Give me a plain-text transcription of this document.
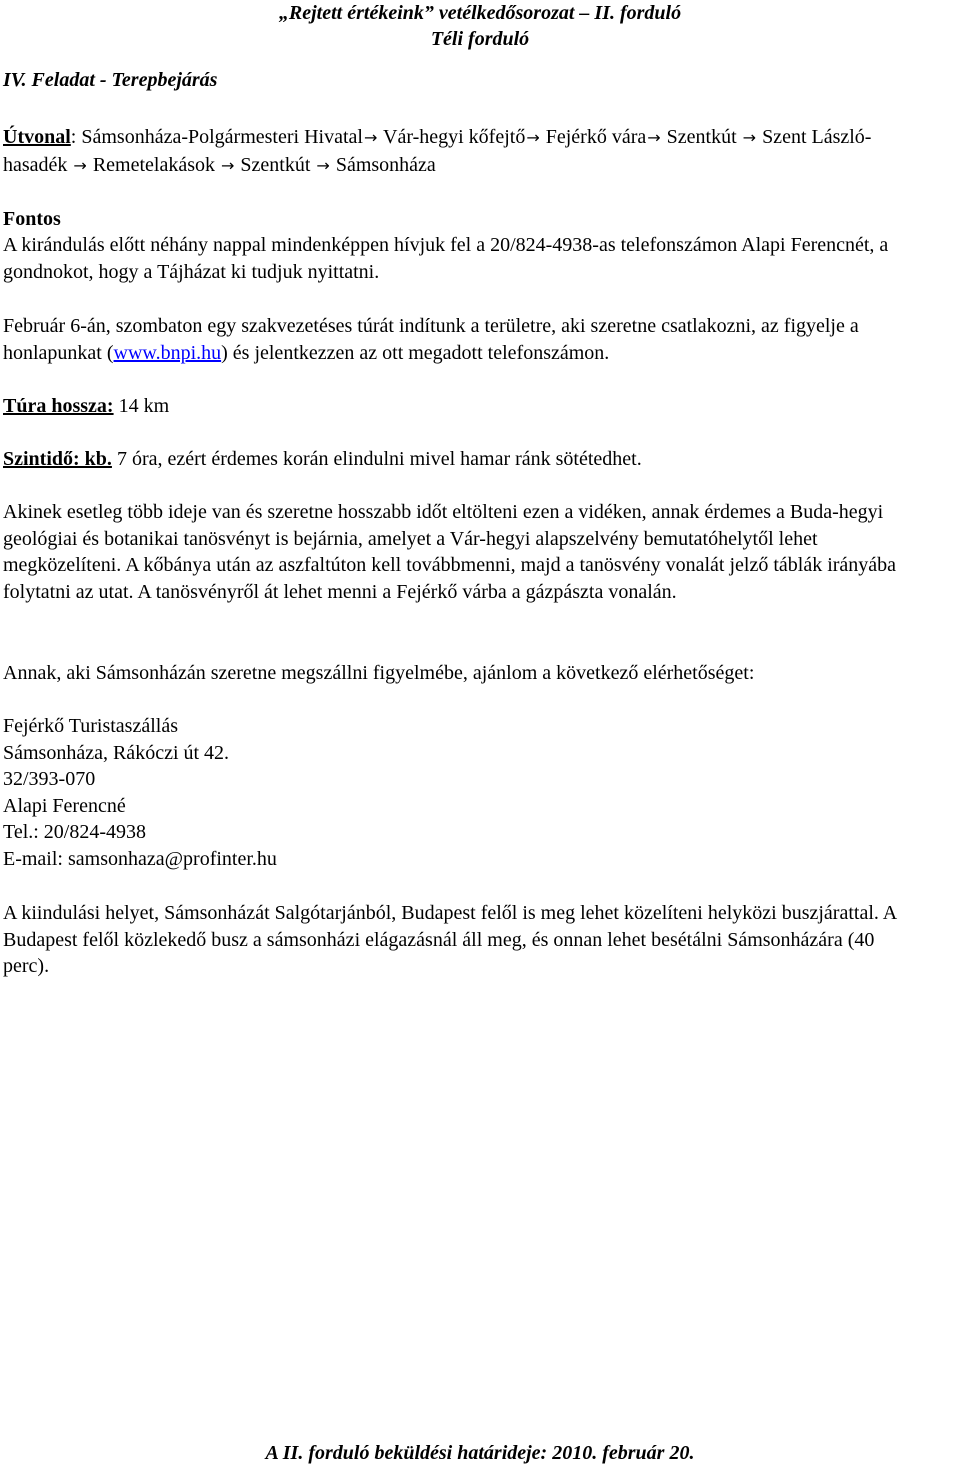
„Rejtett értékeink” vetélkedősorozat – II. forduló

Téli forduló

IV. Feladat - Terepbejárás

Útvonal: Sámsonháza-Polgármesteri Hivatal→ Vár-hegyi kőfejtő→ Fejérkő vára→ Szentkút → Szent László-hasadék → Remetelakások → Szentkút → Sámsonháza

Fontos

A kirándulás előtt néhány nappal mindenképpen hívjuk fel a 20/824-4938-as telefonszámon Alapi Ferencnét, a gondnokot, hogy a Tájházat ki tudjuk nyittatni.

Február 6-án, szombaton egy szakvezetéses túrát indítunk a területre, aki szeretne csatlakozni, az figyelje a honlapunkat (www.bnpi.hu) és jelentkezzen az ott megadott telefonszámon.

Túra hossza: 14 km

Szintidő: kb. 7 óra, ezért érdemes korán elindulni mivel hamar ránk sötétedhet.

Akinek esetleg több ideje van és szeretne hosszabb időt eltölteni ezen a vidéken, annak érdemes a Buda-hegyi geológiai és botanikai tanösvényt is bejárnia, amelyet a Vár-hegyi alapszelvény bemutatóhelytől lehet megközelíteni. A kőbánya után az aszfaltúton kell továbbmenni, majd a tanösvény vonalát jelző táblák irányába folytatni az utat. A tanösvényről át lehet menni a Fejérkő várba a gázpászta vonalán.

Annak, aki Sámsonházán szeretne megszállni figyelmébe, ajánlom a következő elérhetőséget:

Fejérkő Turistaszállás

Sámsonháza, Rákóczi út 42.

32/393-070

Alapi Ferencné

Tel.: 20/824-4938

E-mail: samsonhaza@profinter.hu

A kiindulási helyet, Sámsonházát Salgótarjánból, Budapest felől is meg lehet közelíteni helyközi buszjárattal. A Budapest felől közlekedő busz a sámsonházi elágazásnál áll meg, és onnan lehet besétálni Sámsonházára (40 perc).

A II. forduló beküldési határideje: 2010. február 20.
